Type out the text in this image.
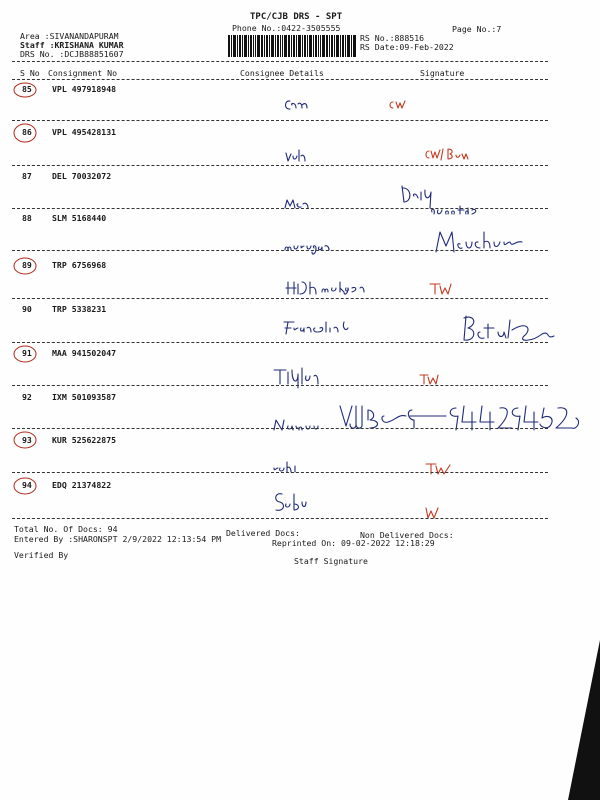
TPC/CJB DRS - SPT
Phone No.:0422-3505555	Page No.:7
Area :SIVANANDAPURAM
Staff :KRISHANA KUMAR
DRS No. :DCJB88851607
RS No.:888516
RS Date:09-Feb-2022
S No Consignment No	Consignee Details	Signature
85 VPL 497918948
86 VPL 495428131
87 DEL 70032072
88 SLM 5168440
89 TRP 6756968
90 TRP 5338231
91 MAA 941502047
92 IXM 501093587
93 KUR 525622875
94 EDQ 21374822
Total No. Of Docs: 94	Delivered Docs:	Non Delivered Docs:
Entered By :SHARONSPT 2/9/2022 12:13:54 PM	Reprinted On: 09-02-2022 12:18:29
Verified By
Staff Signature
